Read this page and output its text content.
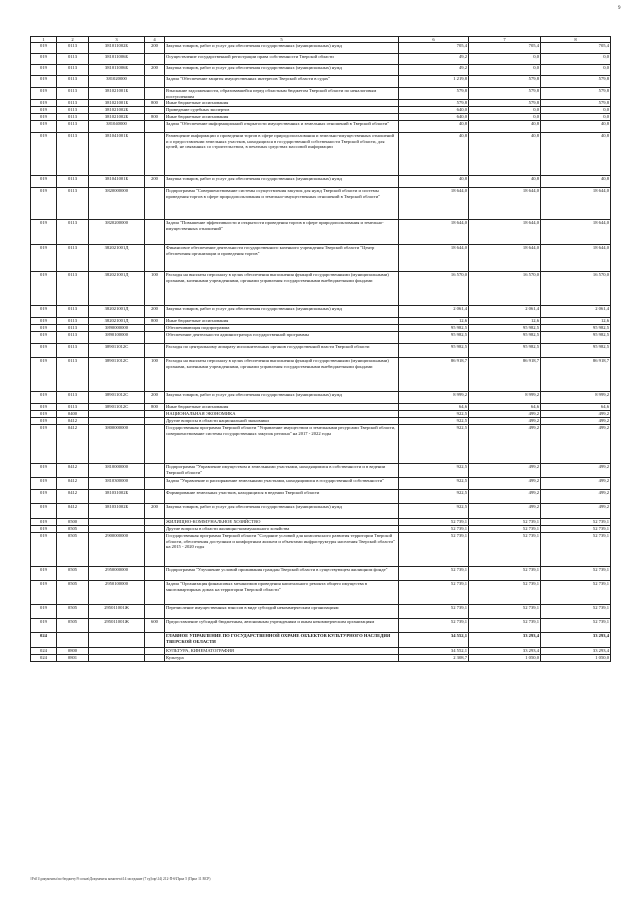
9
1	2	3	4	5	6	7	8
019	0113	381011002Б	200	Закупка товаров, работ и услуг для обеспечения государственных (муниципальных) нужд	705,4	705,4	705,4
019	0113	381011006Б		Осуществление государственной регистрации права собственности Тверской области	49,2	0,0	0,0
019	0113	381011006Б	200	Закупка товаров, работ и услуг для обеспечения государственных (муниципальных) нужд	49,2	0,0	0,0
019	0113	381020000		Задача "Обеспечение защиты имущественных интересов Тверской области в судах"	1 219,8	579,8	579,8
019	0113	381021001Б		Взыскание задолженности, образовавшейся перед областным бюджетом Тверской области по неналоговым поступлениям	579,8	579,8	579,8
019	0113	381021001Б	800	Иные бюджетные ассигнования	579,8	579,8	579,8
019	0113	381021002Б		Проведение судебных экспертиз	640,0	0,0	0,0
019	0113	381021002Б	800	Иные бюджетные ассигнования	640,0	0,0	0,0
019	0113	381040000		Задача "Обеспечение информационной открытости имущественных и земельных отношений в Тверской области"	40,8	40,8	40,8
019	0113	381041001Б		Размещение информации о проведении торгов в сфере природопользования и земельно-имущественных отношений и о предоставлении земельных участков, находящихся в государственной собственности Тверской области, для целей, не связанных со строительством, в печатных средствах массовой информации	40,8	40,8	40,8
019	0113	381041001Б	200	Закупка товаров, работ и услуг для обеспечения государственных (муниципальных) нужд	40,8	40,8	40,8
019	0113	3820000000		Подпрограмма "Совершенствование системы осуществления закупок для нужд Тверской области и системы проведения торгов в сфере природопользования и земельно-имущественных отношений в Тверской области"	18 644,0	18 644,0	18 644,0
019	0113	3820200000		Задача "Повышение эффективности и открытости проведения торгов в сфере природопользования и земельно-имущественных отношений"	18 644,0	18 644,0	18 644,0
019	0113	382021001Д		Финансовое обеспечение деятельности государственного казенного учреждения Тверской области "Центр обеспечения организации и проведения торгов"	18 644,0	18 644,0	18 644,0
019	0113	382021001Д	100	Расходы на выплаты персоналу в целях обеспечения выполнения функций государственными (муниципальными) органами, казенными учреждениями, органами управления государственными внебюджетными фондами	16 570,0	16 570,0	16 570,0
019	0113	382021001Д	200	Закупка товаров, работ и услуг для обеспечения государственных (муниципальных) нужд	2 061,4	2 061,4	2 061,4
019	0113	382021001Д	800	Иные бюджетные ассигнования	12,6	12,6	12,6
019	0113	3890000000		Обеспечивающая подпрограмма	95 982,5	95 982,5	95 982,5
019	0113	3890100000		Обеспечение деятельности администратора государственной программы	95 982,5	95 982,5	95 982,5
019	0113	389011012С		Расходы по центральному аппарату исполнительных органов государственной власти Тверской области	95 982,5	95 982,5	95 982,5
019	0113	389011012С	100	Расходы на выплаты персоналу в целях обеспечения выполнения функций государственными (муниципальными) органами, казенными учреждениями, органами управления государственными внебюджетными фондами	86 918,7	86 918,7	86 918,7
019	0113	389011012С	200	Закупка товаров, работ и услуг для обеспечения государственных (муниципальных) нужд	8 999,2	8 999,2	8 999,2
019	0113	389011012С	800	Иные бюджетные ассигнования	64,6	64,6	64,6
019	0400			НАЦИОНАЛЬНАЯ ЭКОНОМИКА	922,5	499,2	499,2
019	0412			Другие вопросы в области национальной экономики	922,5	499,2	499,2
019	0412	3800000000		Государственная программа Тверской области "Управление имуществом и земельными ресурсами Тверской области, совершенствование системы государственных закупок региона" на 2017 - 2022 годы	922,5	499,2	499,2
019	0412	3810000000		Подпрограмма "Управление имуществом и земельными участками, находящимися в собственности и в ведении Тверской области"	922,5	499,2	499,2
019	0412	3810300000		Задача "Управление и распоряжение земельными участками, находящимися в государственной собственности"	922,5	499,2	499,2
019	0412	381031002Б		Формирование земельных участков, находящихся в ведении Тверской области	922,5	499,2	499,2
019	0412	381031002Б	200	Закупка товаров, работ и услуг для обеспечения государственных (муниципальных) нужд	922,5	499,2	499,2
019	0500			ЖИЛИЩНО-КОММУНАЛЬНОЕ ХОЗЯЙСТВО	52 739,1	52 739,1	52 739,1
019	0505			Другие вопросы в области жилищно-коммунального хозяйства	52 739,1	52 739,1	52 739,1
019	0505	2900000000		Государственная программа Тверской области "Создание условий для комплексного развития территории Тверской области, обеспечения доступным и комфортным жильем и объектами инфраструктуры населения Тверской области" на 2015 - 2020 годы	52 739,1	52 739,1	52 739,1
019	0505	2950000000		Подпрограмма "Улучшение условий проживания граждан Тверской области в существующем жилищном фонде"	52 739,1	52 739,1	52 739,1
019	0505	2950100000		Задача "Организация финансовых механизмов проведения капитального ремонта общего имущества в многоквартирных домах на территории Тверской области"	52 739,1	52 739,1	52 739,1
019	0505	295011001Ж		Перечисление имущественных взносов в виде субсидий некоммерческим организациям	52 739,1	52 739,1	52 739,1
019	0505	295011001Ж	600	Предоставление субсидий бюджетным, автономным учреждениям и иным некоммерческим организациям	52 739,1	52 739,1	52 739,1
024				ГЛАВНОЕ УПРАВЛЕНИЕ ПО ГОСУДАРСТВЕННОЙ ОХРАНЕ ОБЪЕКТОВ КУЛЬТУРНОГО НАСЛЕДИЯ ТВЕРСКОЙ ОБЛАСТИ	34 552,1	33 293,4	33 293,4
024	0800			КУЛЬТУРА, КИНЕМАТОГРАФИЯ	34 552,1	33 293,4	33 293,4
024	0801			Культура	2 308,7	1 050,0	1 050,0
\\Fs01\документы\по бюджету\9 созыв\Документы комитета\14 заседание (7 гр)\пр\14) 212-П-6\Прил 5 (Прил 11 ВСР)
